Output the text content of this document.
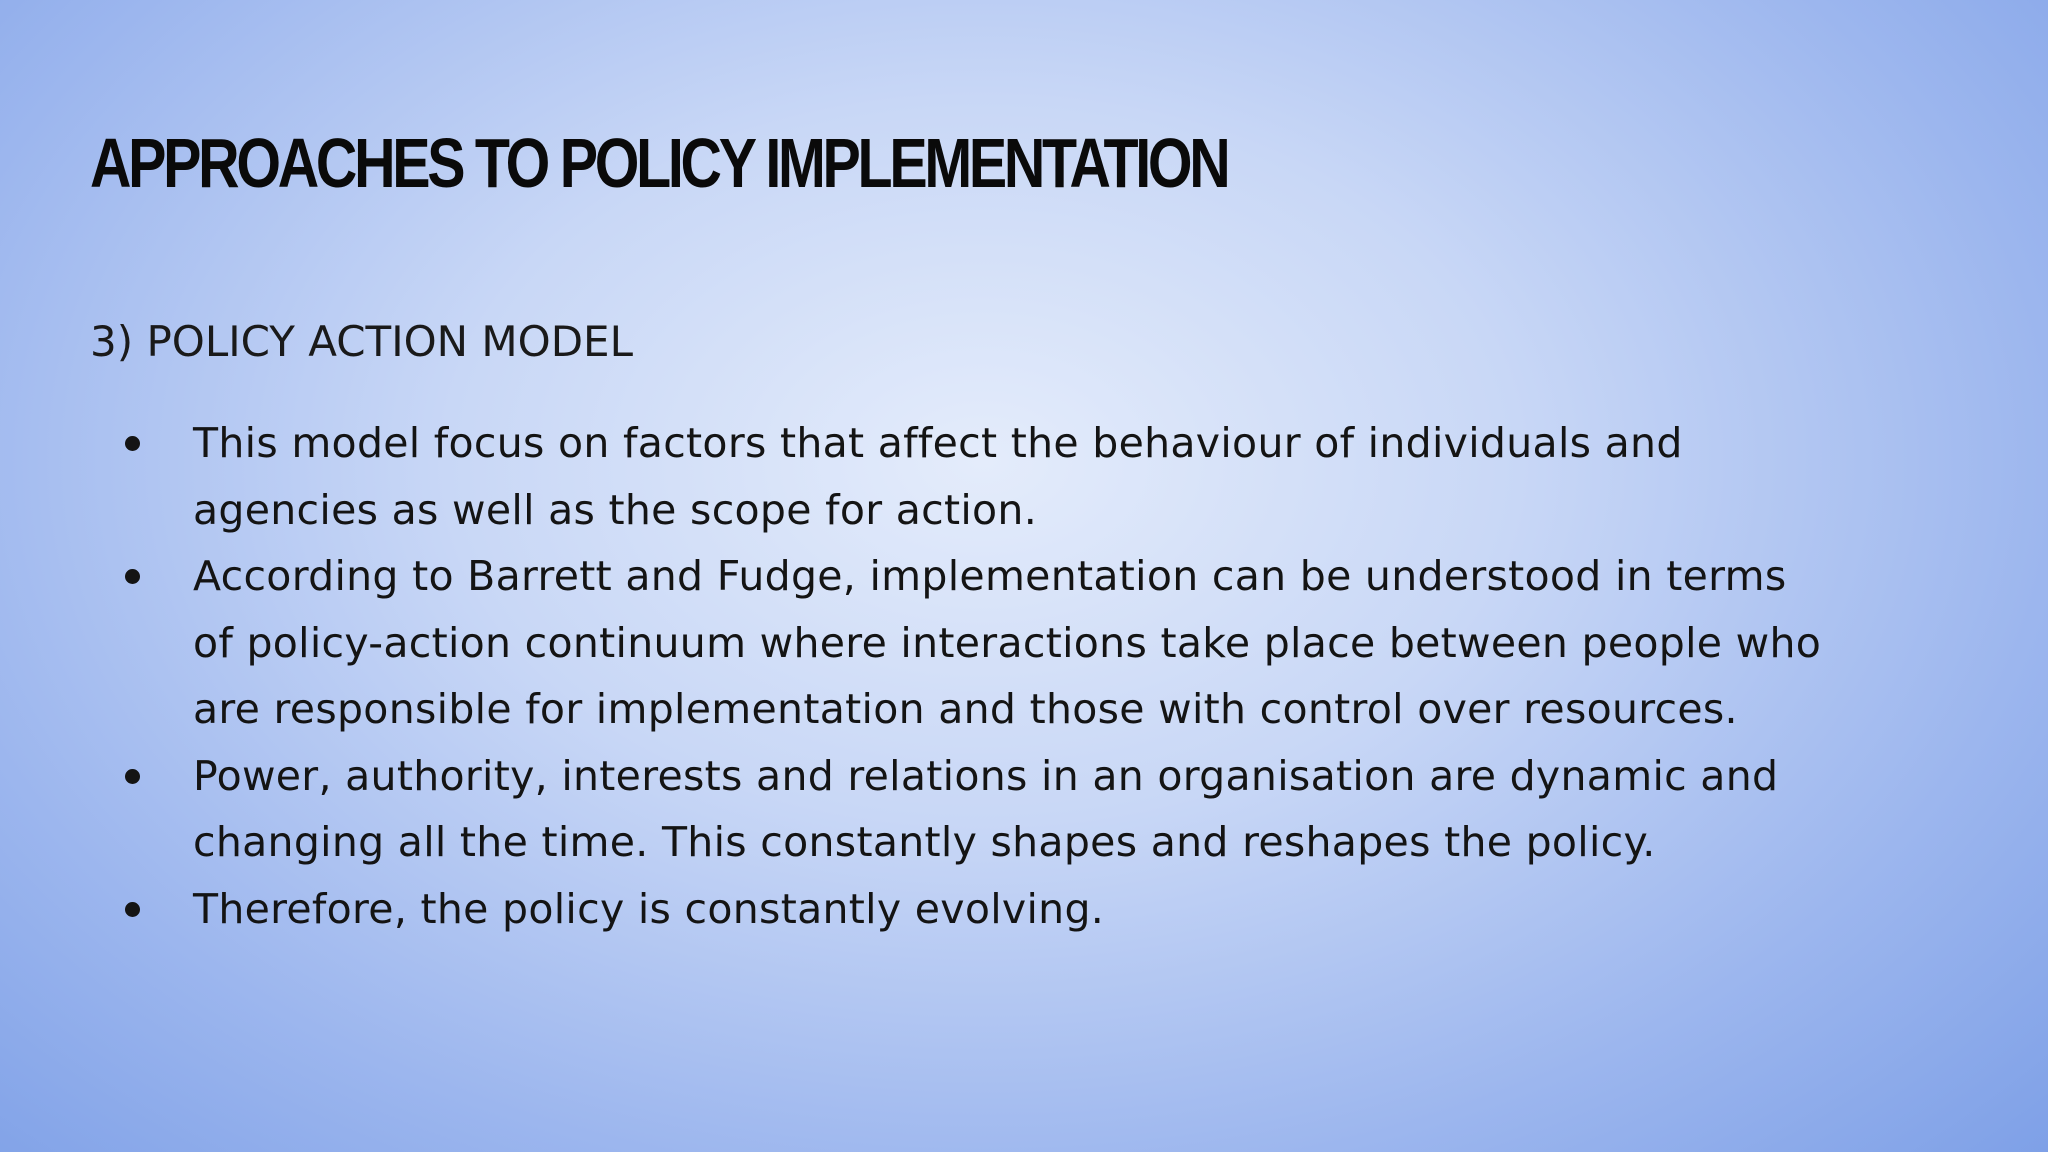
APPROACHES TO POLICY IMPLEMENTATION
3) POLICY ACTION MODEL
This model focus on factors that affect the behaviour of individuals and
agencies as well as the scope for action.
According to Barrett and Fudge, implementation can be understood in terms
of policy-action continuum where interactions take place between people who
are responsible for implementation and those with control over resources.
Power, authority, interests and relations in an organisation are dynamic and
changing all the time. This constantly shapes and reshapes the policy.
Therefore, the policy is constantly evolving.
